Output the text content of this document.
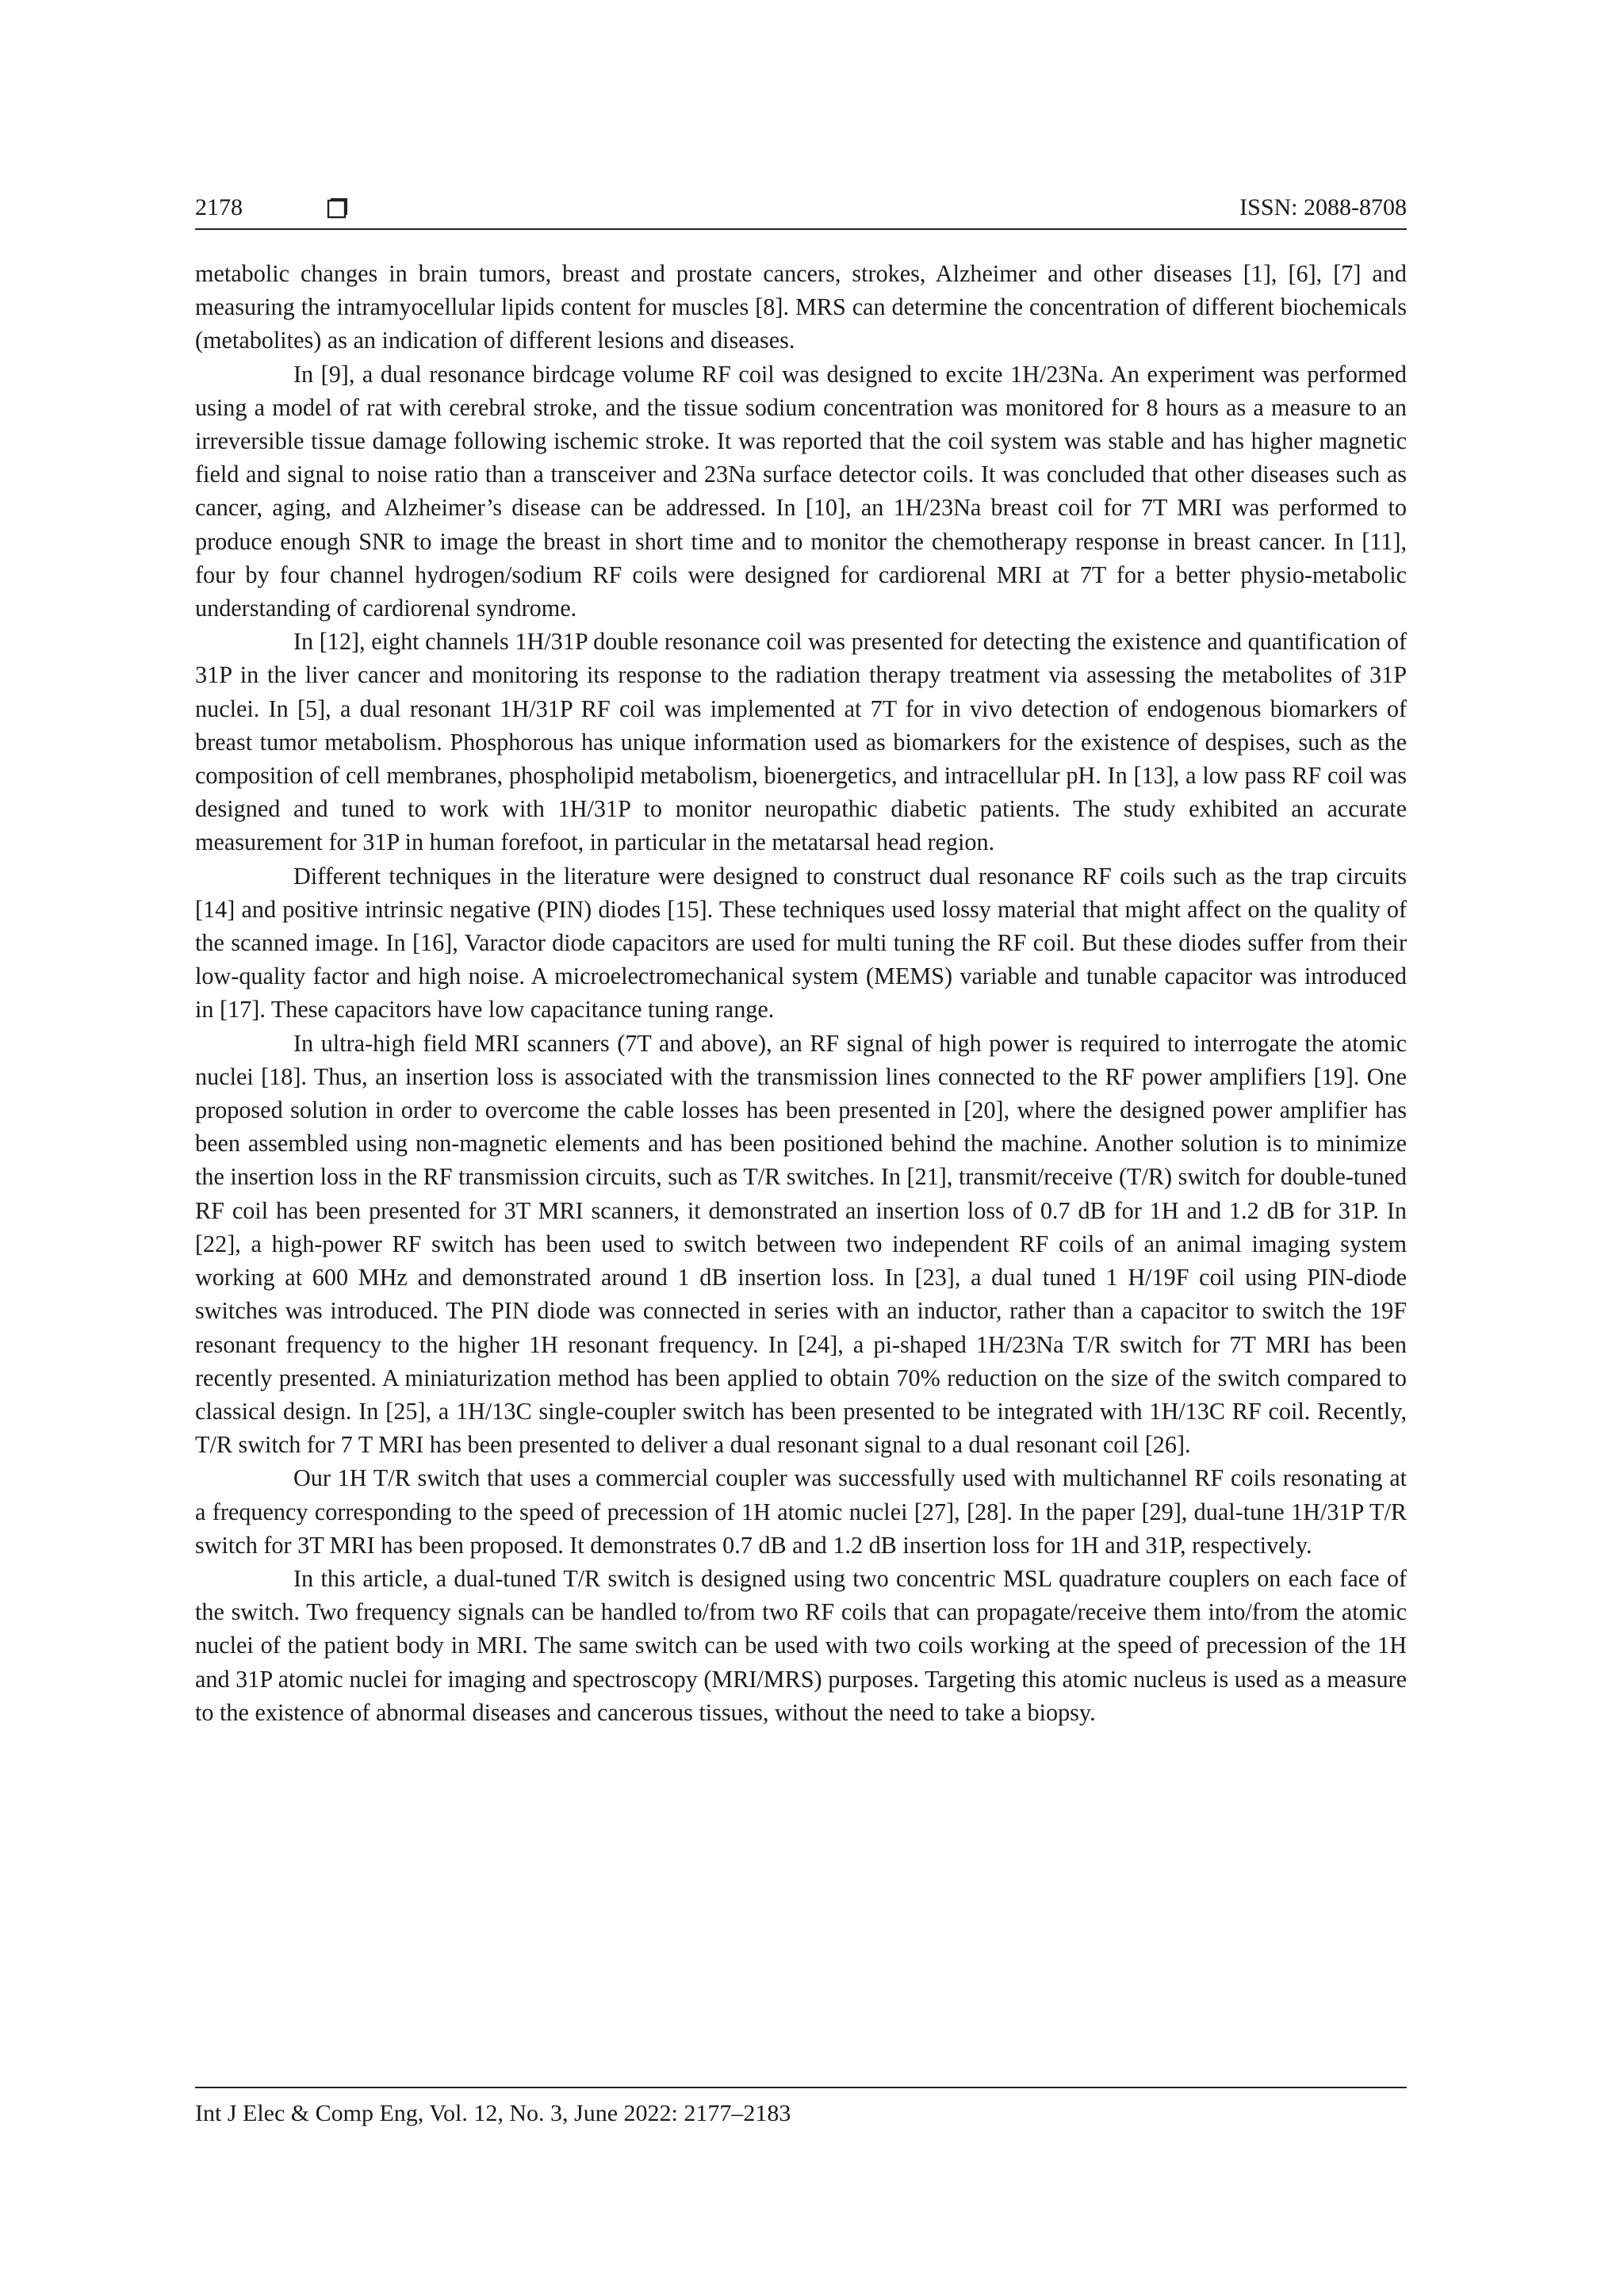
2178	ISSN: 2088-8708

metabolic changes in brain tumors, breast and prostate cancers, strokes, Alzheimer and other diseases [1], [6], [7] and measuring the intramyocellular lipids content for muscles [8]. MRS can determine the concentration of different biochemicals (metabolites) as an indication of different lesions and diseases.

In [9], a dual resonance birdcage volume RF coil was designed to excite 1H/23Na. An experiment was performed using a model of rat with cerebral stroke, and the tissue sodium concentration was monitored for 8 hours as a measure to an irreversible tissue damage following ischemic stroke. It was reported that the coil system was stable and has higher magnetic field and signal to noise ratio than a transceiver and 23Na surface detector coils. It was concluded that other diseases such as cancer, aging, and Alzheimer’s disease can be addressed. In [10], an 1H/23Na breast coil for 7T MRI was performed to produce enough SNR to image the breast in short time and to monitor the chemotherapy response in breast cancer. In [11], four by four channel hydrogen/sodium RF coils were designed for cardiorenal MRI at 7T for a better physio-metabolic understanding of cardiorenal syndrome.

In [12], eight channels 1H/31P double resonance coil was presented for detecting the existence and quantification of 31P in the liver cancer and monitoring its response to the radiation therapy treatment via assessing the metabolites of 31P nuclei. In [5], a dual resonant 1H/31P RF coil was implemented at 7T for in vivo detection of endogenous biomarkers of breast tumor metabolism. Phosphorous has unique information used as biomarkers for the existence of despises, such as the composition of cell membranes, phospholipid metabolism, bioenergetics, and intracellular pH. In [13], a low pass RF coil was designed and tuned to work with 1H/31P to monitor neuropathic diabetic patients. The study exhibited an accurate measurement for 31P in human forefoot, in particular in the metatarsal head region.

Different techniques in the literature were designed to construct dual resonance RF coils such as the trap circuits [14] and positive intrinsic negative (PIN) diodes [15]. These techniques used lossy material that might affect on the quality of the scanned image. In [16], Varactor diode capacitors are used for multi tuning the RF coil. But these diodes suffer from their low-quality factor and high noise. A microelectromechanical system (MEMS) variable and tunable capacitor was introduced in [17]. These capacitors have low capacitance tuning range.

In ultra-high field MRI scanners (7T and above), an RF signal of high power is required to interrogate the atomic nuclei [18]. Thus, an insertion loss is associated with the transmission lines connected to the RF power amplifiers [19]. One proposed solution in order to overcome the cable losses has been presented in [20], where the designed power amplifier has been assembled using non-magnetic elements and has been positioned behind the machine. Another solution is to minimize the insertion loss in the RF transmission circuits, such as T/R switches. In [21], transmit/receive (T/R) switch for double-tuned RF coil has been presented for 3T MRI scanners, it demonstrated an insertion loss of 0.7 dB for 1H and 1.2 dB for 31P. In [22], a high-power RF switch has been used to switch between two independent RF coils of an animal imaging system working at 600 MHz and demonstrated around 1 dB insertion loss. In [23], a dual tuned 1 H/19F coil using PIN-diode switches was introduced. The PIN diode was connected in series with an inductor, rather than a capacitor to switch the 19F resonant frequency to the higher 1H resonant frequency. In [24], a pi-shaped 1H/23Na T/R switch for 7T MRI has been recently presented. A miniaturization method has been applied to obtain 70% reduction on the size of the switch compared to classical design. In [25], a 1H/13C single-coupler switch has been presented to be integrated with 1H/13C RF coil. Recently, T/R switch for 7 T MRI has been presented to deliver a dual resonant signal to a dual resonant coil [26].

Our 1H T/R switch that uses a commercial coupler was successfully used with multichannel RF coils resonating at a frequency corresponding to the speed of precession of 1H atomic nuclei [27], [28]. In the paper [29], dual-tune 1H/31P T/R switch for 3T MRI has been proposed. It demonstrates 0.7 dB and 1.2 dB insertion loss for 1H and 31P, respectively.

In this article, a dual-tuned T/R switch is designed using two concentric MSL quadrature couplers on each face of the switch. Two frequency signals can be handled to/from two RF coils that can propagate/receive them into/from the atomic nuclei of the patient body in MRI. The same switch can be used with two coils working at the speed of precession of the 1H and 31P atomic nuclei for imaging and spectroscopy (MRI/MRS) purposes. Targeting this atomic nucleus is used as a measure to the existence of abnormal diseases and cancerous tissues, without the need to take a biopsy.

Int J Elec & Comp Eng, Vol. 12, No. 3, June 2022: 2177–2183
